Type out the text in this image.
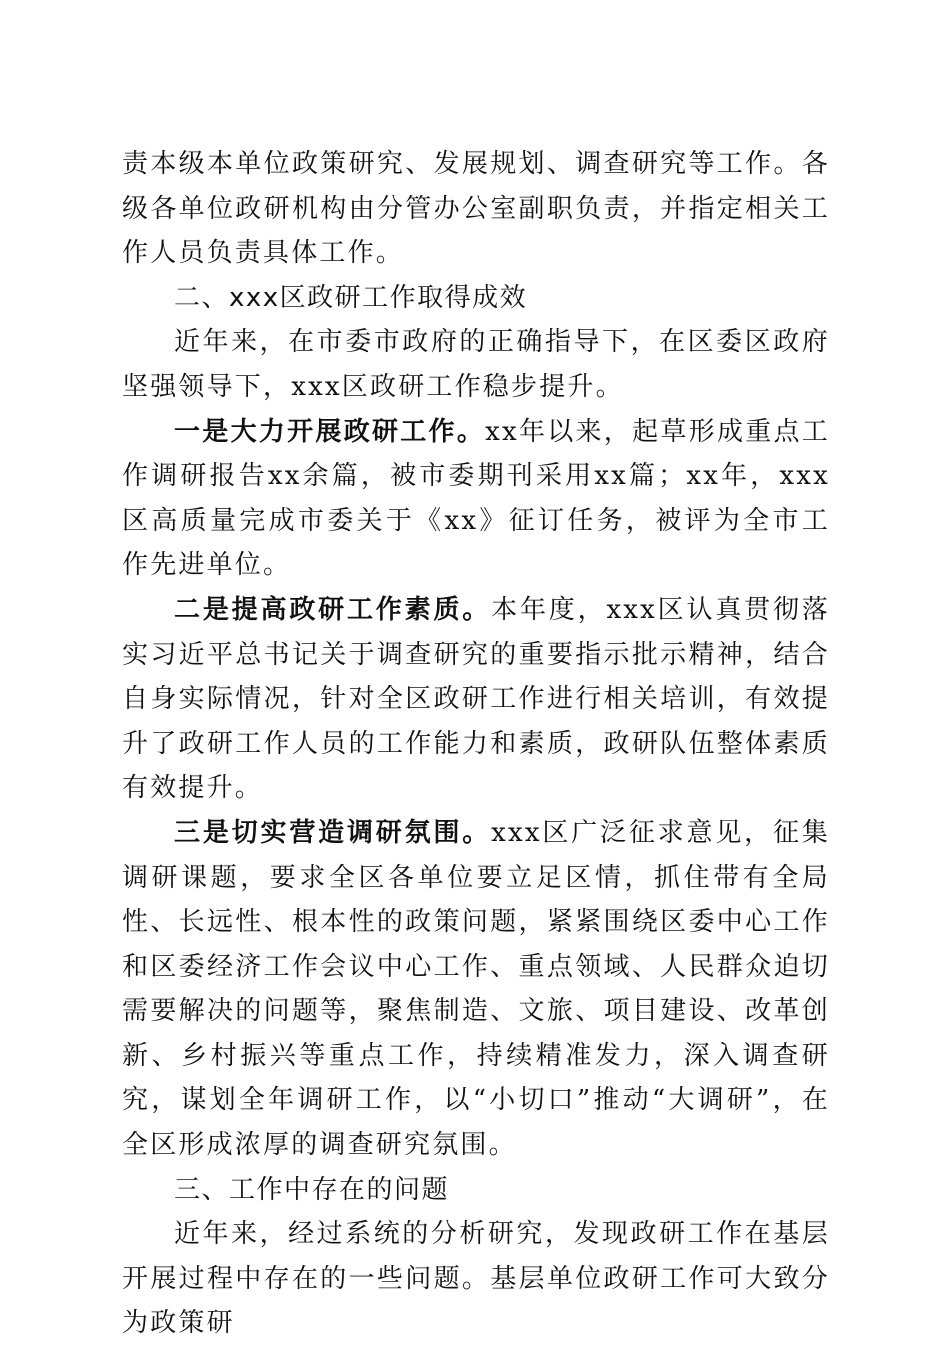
责本级本单位政策研究、发展规划、调查研究等工作。各级各单位政研机构由分管办公室副职负责，并指定相关工作人员负责具体工作。

二、xxx区政研工作取得成效

近年来，在市委市政府的正确指导下，在区委区政府坚强领导下，xxx区政研工作稳步提升。

一是大力开展政研工作。xx年以来，起草形成重点工作调研报告xx余篇，被市委期刊采用xx篇；xx年，xxx区高质量完成市委关于《xx》征订任务，被评为全市工作先进单位。

二是提高政研工作素质。本年度，xxx区认真贯彻落实习近平总书记关于调查研究的重要指示批示精神，结合自身实际情况，针对全区政研工作进行相关培训，有效提升了政研工作人员的工作能力和素质，政研队伍整体素质有效提升。

三是切实营造调研氛围。xxx区广泛征求意见，征集调研课题，要求全区各单位要立足区情，抓住带有全局性、长远性、根本性的政策问题，紧紧围绕区委中心工作和区委经济工作会议中心工作、重点领域、人民群众迫切需要解决的问题等，聚焦制造、文旅、项目建设、改革创新、乡村振兴等重点工作，持续精准发力，深入调查研究，谋划全年调研工作，以“小切口”推动“大调研”，在全区形成浓厚的调查研究氛围。

三、工作中存在的问题

近年来，经过系统的分析研究，发现政研工作在基层开展过程中存在的一些问题。基层单位政研工作可大致分为政策研
